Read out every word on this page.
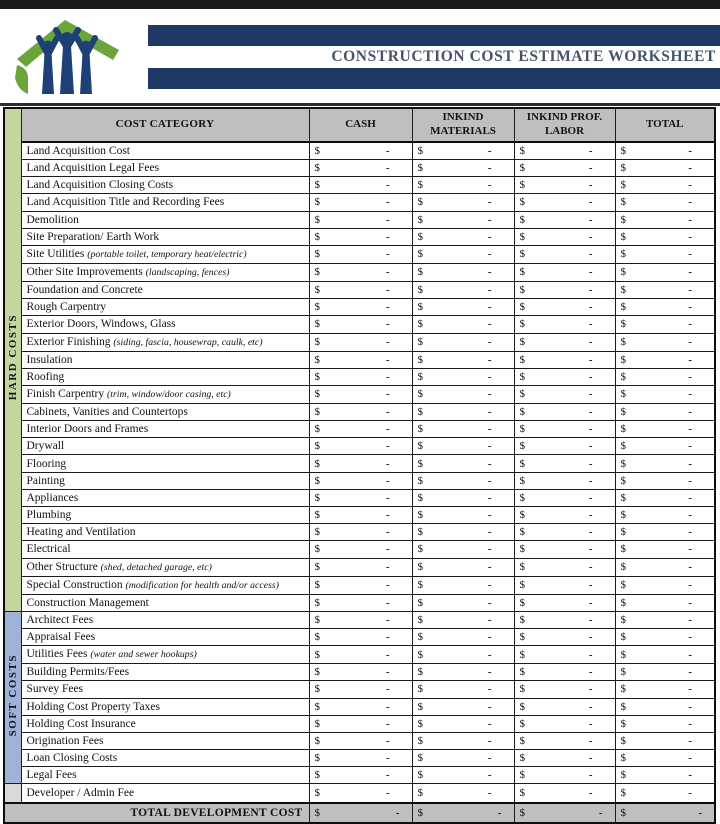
CONSTRUCTION COST ESTIMATE WORKSHEET
HARD COSTS	COST CATEGORY	CASH	INKIND MATERIALS	INKIND PROF. LABOR	TOTAL
	Land Acquisition Cost	$ -	$ -	$ -	$ -

	Land Acquisition Legal Fees	$ -	$ -	$ -	$ -

	Land Acquisition Closing Costs	$ -	$ -	$ -	$ -

	Land Acquisition Title and Recording Fees	$ -	$ -	$ -	$ -

	Demolition	$ -	$ -	$ -	$ -

	Site Preparation/ Earth Work	$ -	$ -	$ -	$ -

	Site Utilities (portable toilet, temporary heat/electric)	$ -	$ -	$ -	$ -

	Other Site Improvements (landscaping, fences)	$ -	$ -	$ -	$ -

	Foundation and Concrete	$ -	$ -	$ -	$ -

	Rough Carpentry	$ -	$ -	$ -	$ -

	Exterior Doors, Windows, Glass	$ -	$ -	$ -	$ -

	Exterior Finishing (siding, fascia, housewrap, caulk, etc)	$ -	$ -	$ -	$ -

	Insulation	$ -	$ -	$ -	$ -

	Roofing	$ -	$ -	$ -	$ -

	Finish Carpentry (trim, window/door casing, etc)	$ -	$ -	$ -	$ -

	Cabinets, Vanities and Countertops	$ -	$ -	$ -	$ -

	Interior Doors and Frames	$ -	$ -	$ -	$ -

	Drywall	$ -	$ -	$ -	$ -

	Flooring	$ -	$ -	$ -	$ -

	Painting	$ -	$ -	$ -	$ -

	Appliances	$ -	$ -	$ -	$ -

	Plumbing	$ -	$ -	$ -	$ -

	Heating and Ventilation	$ -	$ -	$ -	$ -

	Electrical	$ -	$ -	$ -	$ -

	Other Structure (shed, detached garage, etc)	$ -	$ -	$ -	$ -

	Special Construction (modification for health and/or access)	$ -	$ -	$ -	$ -

	Construction Management	$ -	$ -	$ -	$ -

SOFT COSTS	Architect Fees	$ -	$ -	$ -	$ -

	Appraisal Fees	$ -	$ -	$ -	$ -

	Utilities Fees (water and sewer hookups)	$ -	$ -	$ -	$ -

	Building Permits/Fees	$ -	$ -	$ -	$ -

	Survey Fees	$ -	$ -	$ -	$ -

	Holding Cost Property Taxes	$ -	$ -	$ -	$ -

	Holding Cost Insurance	$ -	$ -	$ -	$ -

	Origination Fees	$ -	$ -	$ -	$ -

	Loan Closing Costs	$ -	$ -	$ -	$ -

	Legal Fees	$ -	$ -	$ -	$ -

	Developer / Admin Fee	$ -	$ -	$ -	$ -

TOTAL DEVELOPMENT COST		$ -	$ -	$ -	$ -
